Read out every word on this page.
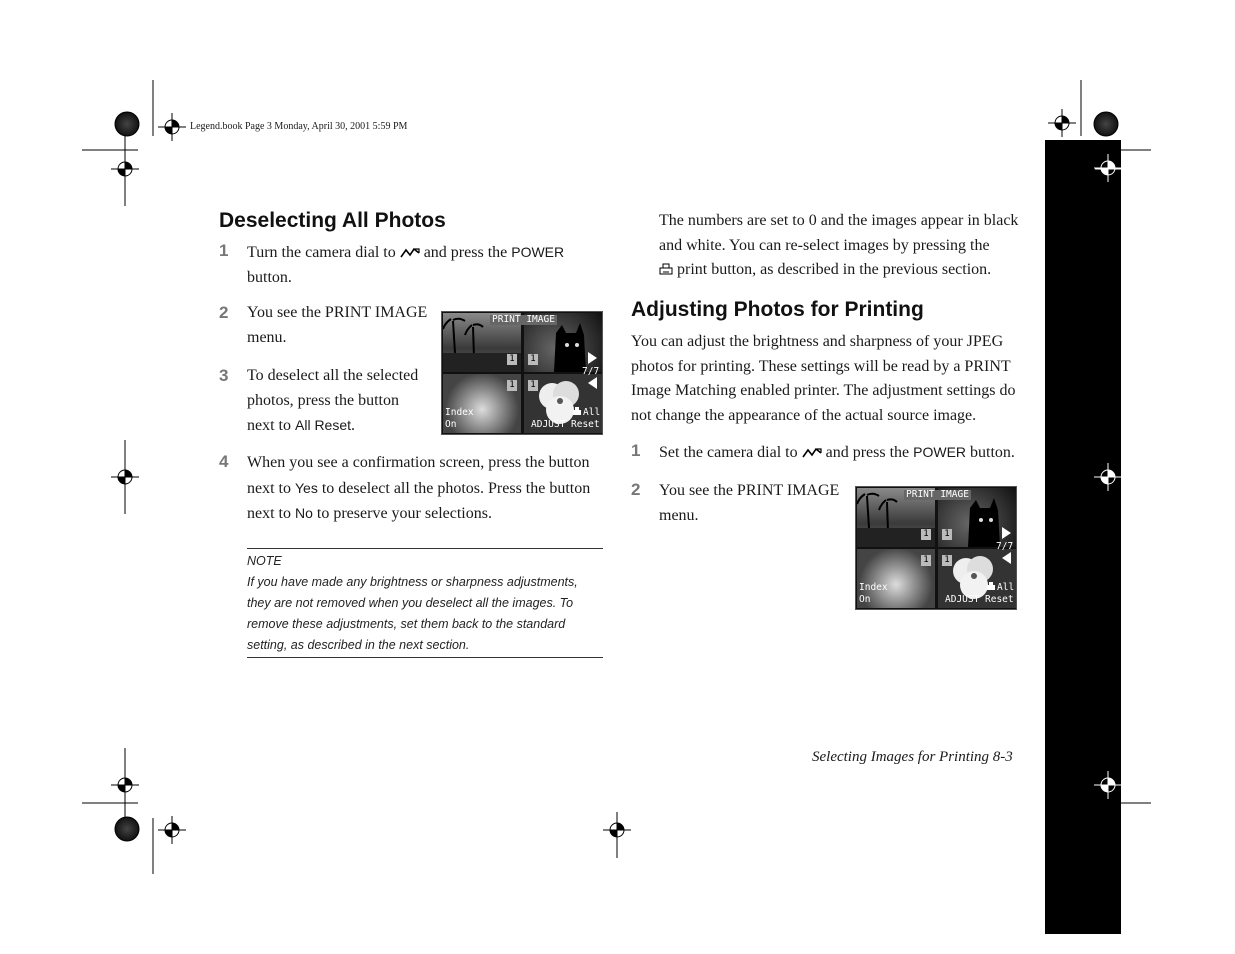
Legend.book Page 3 Monday, April 30, 2001 5:59 PM
Deselecting All Photos
1 Turn the camera dial to and press the POWER
button.
2 You see the PRINT IMAGE
menu.
3 To deselect all the selected
photos, press the button
next to All Reset.
PRINT IMAGE
1 1
1 1
7/7
Index
On	ADJUST
All
Reset
4 When you see a confirmation screen, press the button
next to Yes to deselect all the photos. Press the button
next to No to preserve your selections.
NOTE
If you have made any brightness or sharpness adjustments,
they are not removed when you deselect all the images. To
remove these adjustments, set them back to the standard
setting, as described in the next section.
The numbers are set to 0 and the images appear in black
and white. You can re-select images by pressing the
print button, as described in the previous section.
Adjusting Photos for Printing
You can adjust the brightness and sharpness of your JPEG
photos for printing. These settings will be read by a PRINT
Image Matching enabled printer. The adjustment settings do
not change the appearance of the actual source image.
1 Set the camera dial to and press the POWER button.
2 You see the PRINT IMAGE
menu.
PRINT IMAGE
1 1
1 1
7/7
Index
On	ADJUST
All
Reset
Selecting Images for Printing 8-3
